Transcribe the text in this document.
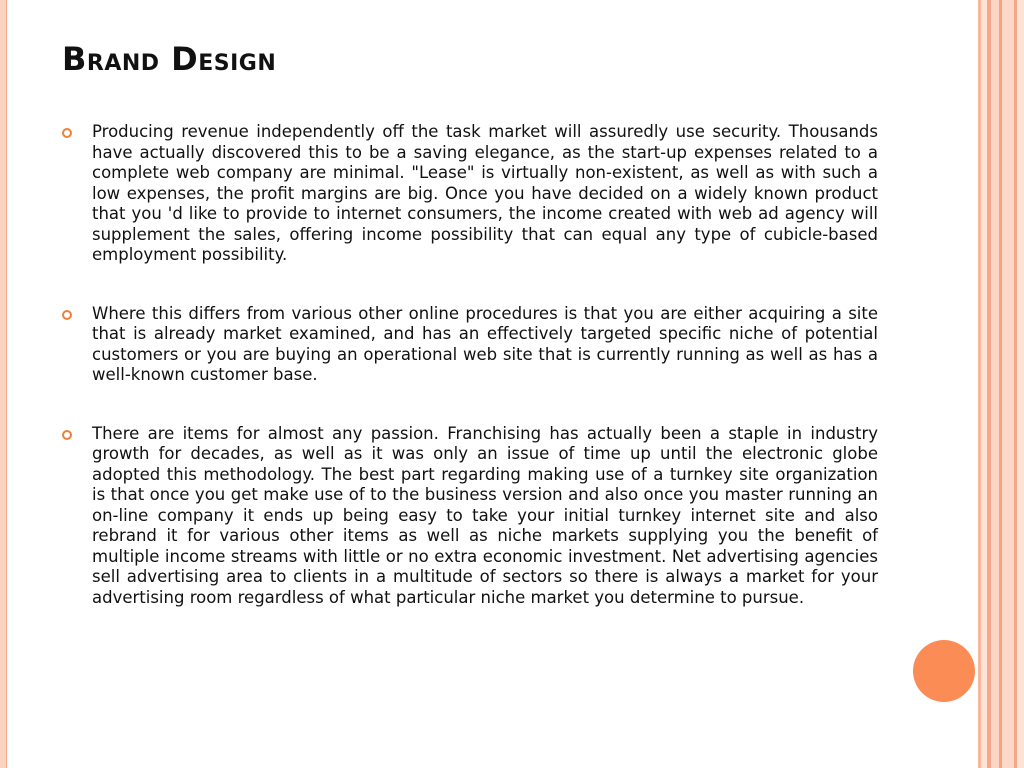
Brand Design

Producing revenue independently off the task market will assuredly use security. Thousands have actually discovered this to be a saving elegance, as the start-up expenses related to a complete web company are minimal. "Lease" is virtually non-existent, as well as with such a low expenses, the profit margins are big. Once you have decided on a widely known product that you 'd like to provide to internet consumers, the income created with web ad agency will supplement the sales, offering income possibility that can equal any type of cubicle-based employment possibility.

Where this differs from various other online procedures is that you are either acquiring a site that is already market examined, and has an effectively targeted specific niche of potential customers or you are buying an operational web site that is currently running as well as has a well-known customer base.

There are items for almost any passion. Franchising has actually been a staple in industry growth for decades, as well as it was only an issue of time up until the electronic globe adopted this methodology. The best part regarding making use of a turnkey site organization is that once you get make use of to the business version and also once you master running an on-line company it ends up being easy to take your initial turnkey internet site and also rebrand it for various other items as well as niche markets supplying you the benefit of multiple income streams with little or no extra economic investment. Net advertising agencies sell advertising area to clients in a multitude of sectors so there is always a market for your advertising room regardless of what particular niche market you determine to pursue.
